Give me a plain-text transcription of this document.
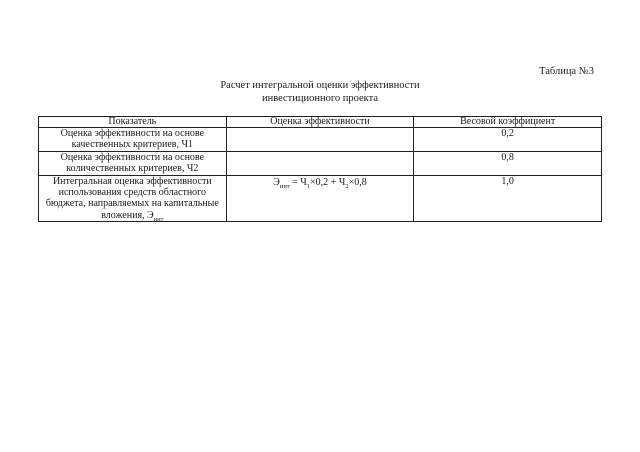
Таблица №3
Расчет интегральной оценки эффективности
инвестиционного проекта
Показатель	Оценка эффективности	Весовой коэффициент
Оценка эффективности на основе качественных критериев, Ч1		0,2
Оценка эффективности на основе количественных критериев, Ч2		0,8
Интегральная оценка эффективности использования средств областного бюджета, направляемых на капитальные вложения, $Э_{инт}$	$Э_{инт} = Ч_1\times 0,2 + Ч_2\times 0,8$	1,0
